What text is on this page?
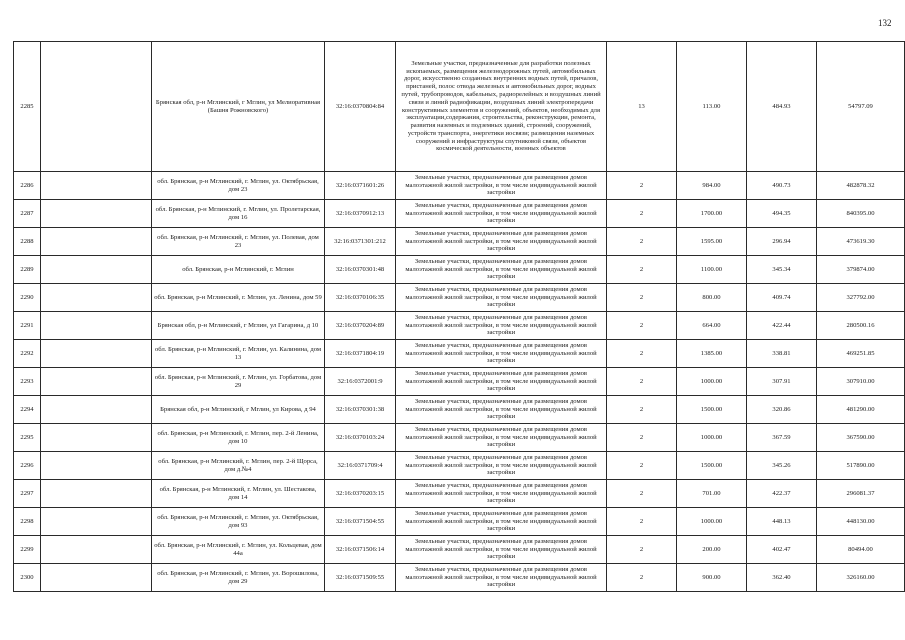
132
2285		Брянская обл, р-н Мглинский, г Мглин, ул Мелиоративная (Башня Рожновского)	32:16:0370804:84	Земельные участки, предназначенные для разработки полезных ископаемых, размещения железнодорожных путей, автомобильных дорог, искусственно созданных внутренних водных путей, причалов, пристаней, полос отвода железных и автомобильных дорог, водных путей, трубопроводов, кабельных, радиорелейных и воздушных линий связи и линий радиофикации, воздушных линий электропередачи конструктивных элементов и сооружений, объектов, необходимых для эксплуатации,содержания, строительства, реконструкции, ремонта, развития наземных и подземных зданий, строений, сооружений, устройств транспорта, энергетики иосвязи; размещения наземных сооружений и инфраструктуры спутниковой связи, объектов космической деятельности, военных объектов	13	113.00	484.93	54797.09
2286		обл. Брянская, р-н Мглинский, г. Мглин, ул. Октябрьская, дом 23	32:16:0371601:26	Земельные участки, предназначенные для размещения домов малоэтажной жилой застройки, в том числе индивидуальной жилой застройки	2	984.00	490.73	482878.32
2287		обл. Брянская, р-н Мглинский, г. Мглин, ул. Пролетарская, дом 16	32:16:0370912:13	Земельные участки, предназначенные для размещения домов малоэтажной жилой застройки, в том числе индивидуальной жилой застройки	2	1700.00	494.35	840395.00
2288		обл. Брянская, р-н Мглинский, г. Мглин, ул. Полевая, дом 23	32:16:0371301:212	Земельные участки, предназначенные для размещения домов малоэтажной жилой застройки, в том числе индивидуальной жилой застройки	2	1595.00	296.94	473619.30
2289		обл. Брянская, р-н Мглинский, г. Мглин	32:16:0370301:48	Земельные участки, предназначенные для размещения домов малоэтажной жилой застройки, в том числе индивидуальной жилой застройки	2	1100.00	345.34	379874.00
2290		обл. Брянская, р-н Мглинский, г. Мглин, ул. Ленина, дом 59	32:16:0370106:35	Земельные участки, предназначенные для размещения домов малоэтажной жилой застройки, в том числе индивидуальной жилой застройки	2	800.00	409.74	327792.00
2291		Брянская обл, р-н Мглинский, г Мглин, ул Гагарина, д 10	32:16:0370204:89	Земельные участки, предназначенные для размещения домов малоэтажной жилой застройки, в том числе индивидуальной жилой застройки	2	664.00	422.44	280500.16
2292		обл. Брянская, р-н Мглинский, г. Мглин, ул. Калинина, дом 13	32:16:0371804:19	Земельные участки, предназначенные для размещения домов малоэтажной жилой застройки, в том числе индивидуальной жилой застройки	2	1385.00	338.81	469251.85
2293		обл. Брянская, р-н Мглинский, г. Мглин, ул. Горбатова, дом 29	32:16:0372001:9	Земельные участки, предназначенные для размещения домов малоэтажной жилой застройки, в том числе индивидуальной жилой застройки	2	1000.00	307.91	307910.00
2294		Брянская обл, р-н Мглинский, г Мглин, ул Кирова, д 94	32:16:0370301:38	Земельные участки, предназначенные для размещения домов малоэтажной жилой застройки, в том числе индивидуальной жилой застройки	2	1500.00	320.86	481290.00
2295		обл. Брянская, р-н Мглинский, г. Мглин, пер. 2-й Ленина, дом 10	32:16:0370103:24	Земельные участки, предназначенные для размещения домов малоэтажной жилой застройки, в том числе индивидуальной жилой застройки	2	1000.00	367.59	367590.00
2296		обл. Брянская, р-н Мглинский, г. Мглин, пер. 2-й Щорса, дом д.№4	32:16:0371709:4	Земельные участки, предназначенные для размещения домов малоэтажной жилой застройки, в том числе индивидуальной жилой застройки	2	1500.00	345.26	517890.00
2297		обл. Брянская, р-н Мглинский, г. Мглин, ул. Шестакова, дом 14	32:16:0370203:15	Земельные участки, предназначенные для размещения домов малоэтажной жилой застройки, в том числе индивидуальной жилой застройки	2	701.00	422.37	296081.37
2298		обл. Брянская, р-н Мглинский, г. Мглин, ул. Октябрьская, дом 93	32:16:0371504:55	Земельные участки, предназначенные для размещения домов малоэтажной жилой застройки, в том числе индивидуальной жилой застройки	2	1000.00	448.13	448130.00
2299		обл. Брянская, р-н Мглинский, г. Мглин, ул. Кольцевая, дом 44а	32:16:0371506:14	Земельные участки, предназначенные для размещения домов малоэтажной жилой застройки, в том числе индивидуальной жилой застройки	2	200.00	402.47	80494.00
2300		обл. Брянская, р-н Мглинский, г. Мглин, ул. Ворошилова, дом 29	32:16:0371509:55	Земельные участки, предназначенные для размещения домов малоэтажной жилой застройки, в том числе индивидуальной жилой застройки	2	900.00	362.40	326160.00
